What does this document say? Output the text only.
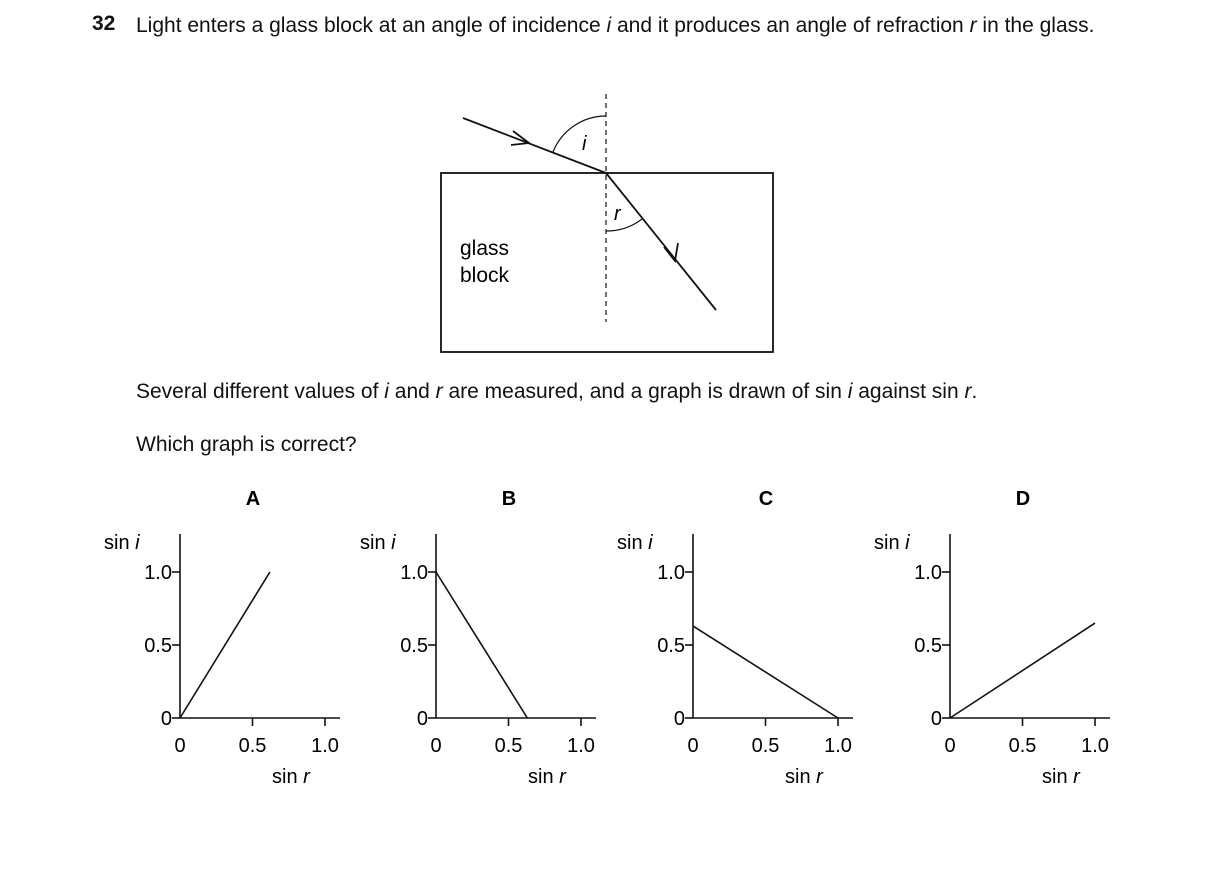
32 Light enters a glass block at an angle of incidence i and it produces an angle of refraction r in the glass.
i
r
glass
block
Several different values of i and r are measured, and a graph is drawn of sin i against sin r.
Which graph is correct?
A
1.0
0.5
0
0	0.5 1.0
sin i
sin r
B
1.0
0.5
0
0	0.5 1.0
sin i
sin r
C
1.0
0.5
0
0	0.5 1.0
sin i
sin r
D
1.0
0.5
0
0	0.5 1.0
sin i
sin r
